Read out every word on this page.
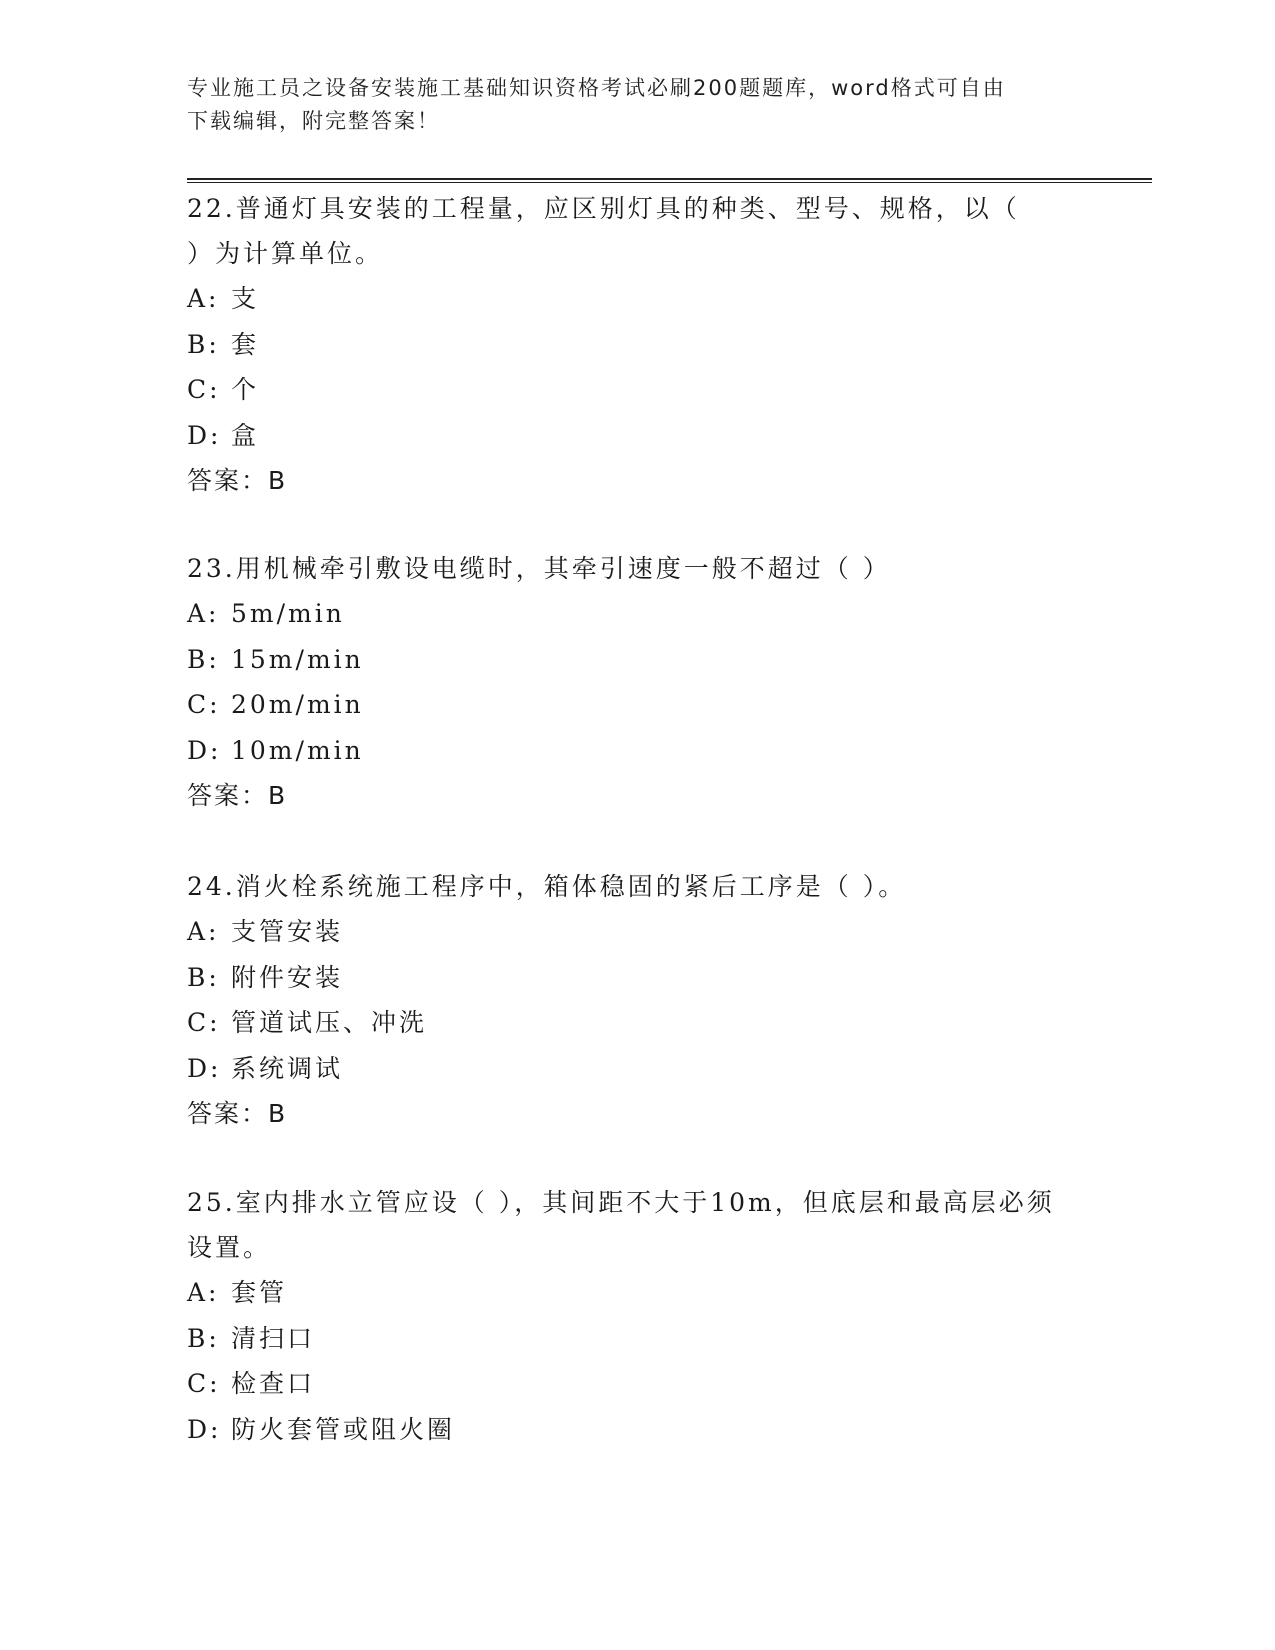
专业施工员之设备安装施工基础知识资格考试必刷200题题库，word格式可自由
下载编辑，附完整答案！

22.普通灯具安装的工程量，应区别灯具的种类、型号、规格，以（

）为计算单位。

A: 支

B: 套

C: 个

D: 盒

答案：B

23.用机械牵引敷设电缆时，其牵引速度一般不超过（ ）

A: 5m/min

B: 15m/min

C: 20m/min

D: 10m/min

答案：B

24.消火栓系统施工程序中，箱体稳固的紧后工序是（ ）。

A: 支管安装

B: 附件安装

C: 管道试压、冲洗

D: 系统调试

答案：B

25.室内排水立管应设（ ），其间距不大于10m，但底层和最高层必须

设置。

A: 套管

B: 清扫口

C: 检查口

D: 防火套管或阻火圈
